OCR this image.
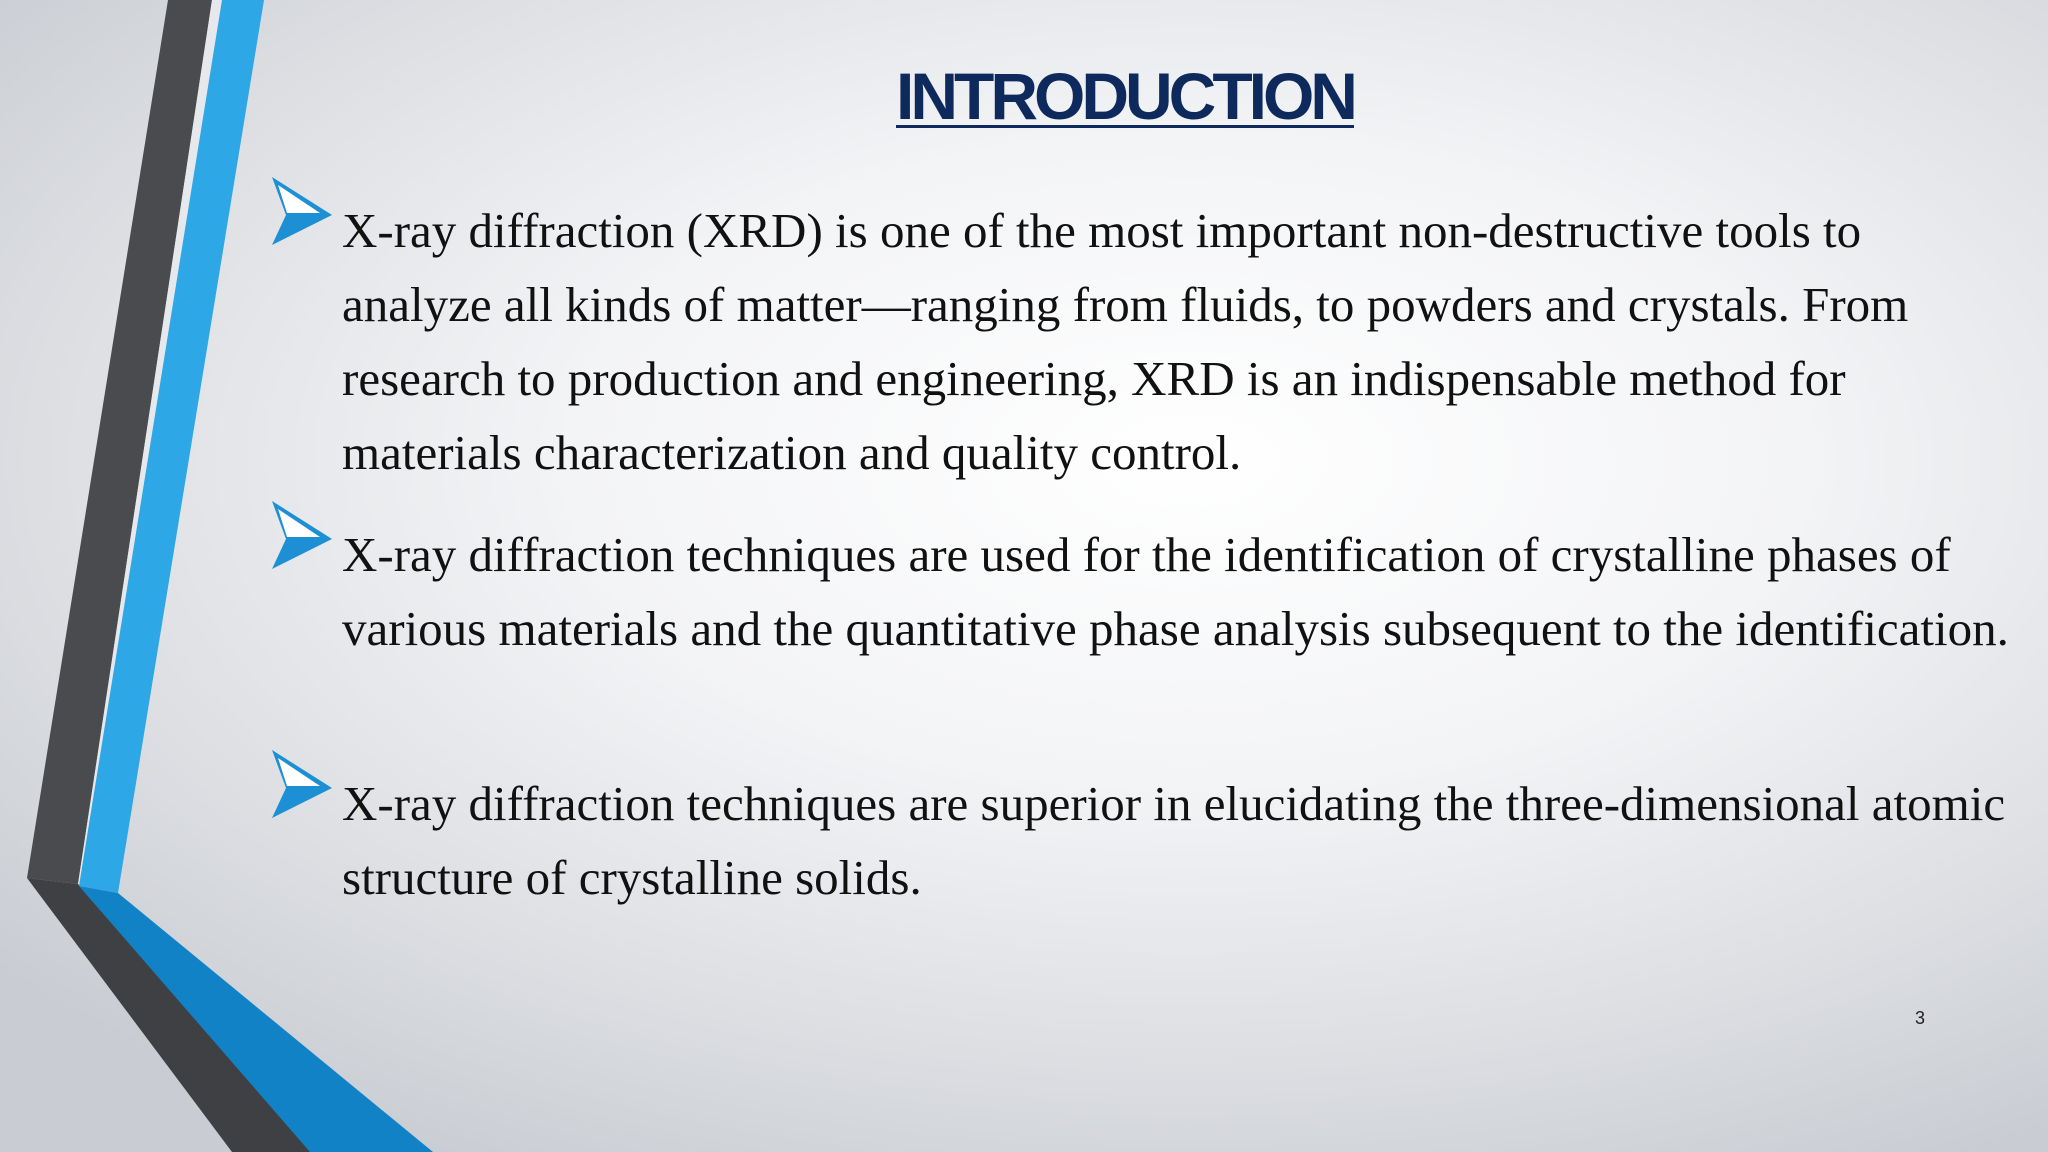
INTRODUCTION
X-ray diffraction (XRD) is one of the most important non-destructive tools to analyze all kinds of matter—ranging from fluids, to powders and crystals. From research to production and engineering, XRD is an indispensable method for materials characterization and quality control.
X-ray diffraction techniques are used for the identification of crystalline phases of various materials and the quantitative phase analysis subsequent to the identification.
X-ray diffraction techniques are superior in elucidating the three-dimensional atomic structure of crystalline solids.
3
